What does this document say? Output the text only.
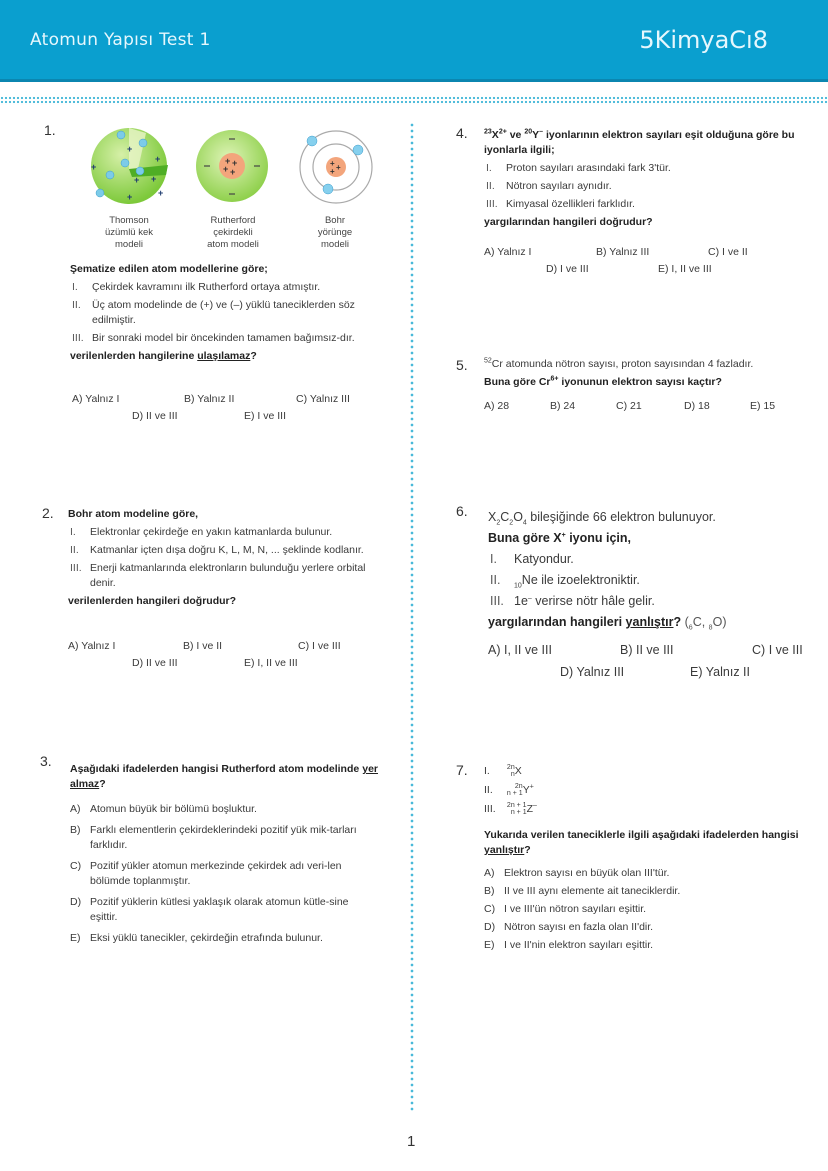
Atomun Yapısı Test 1	5KimyaCı8
1.
+
+
+
+ +
+	+
+ +
+ +
+ +
+
Thomson
üzümlü kek
modeli
Rutherford
çekirdekli
atom modeli
Bohr
yörünge
modeli
Şematize edilen atom modellerine göre;
I.	Çekirdek kavramını ilk Rutherford ortaya atmıştır.
II.	Üç atom modelinde de (+) ve (–) yüklü taneciklerden söz edilmiştir.
III. Bir sonraki model bir öncekinden tamamen bağımsız-dır.
verilenlerden hangilerine ulaşılamaz?
A) Yalnız I	B) Yalnız II	C) Yalnız III
D) II ve III	E) I ve III
2. Bohr atom modeline göre,
I.	Elektronlar çekirdeğe en yakın katmanlarda bulunur.
II.	Katmanlar içten dışa doğru K, L, M, N, ... şeklinde kodlanır.
III. Enerji katmanlarında elektronların bulunduğu yerlere orbital denir.
verilenlerden hangileri doğrudur?
A) Yalnız I	B) I ve II	C) I ve III
D) II ve III	E) I, II ve III
3. Aşağıdaki ifadelerden hangisi Rutherford atom modelinde yer almaz?
A) Atomun büyük bir bölümü boşluktur.
B) Farklı elementlerin çekirdeklerindeki pozitif yük mik-tarları farklıdır.
C) Pozitif yükler atomun merkezinde çekirdek adı veri-len bölümde toplanmıştır.
D) Pozitif yüklerin kütlesi yaklaşık olarak atomun kütle-sine eşittir.
E) Eksi yüklü tanecikler, çekirdeğin etrafında bulunur.
4. $^{23}X^{2+}$ ve $^{20}$Y– iyonlarının elektron sayıları eşit olduğuna göre bu iyonlarla ilgili;
I.	Proton sayıları arasındaki fark 3'tür.
II.	Nötron sayıları aynıdır.
III. Kimyasal özellikleri farklıdır.
yargılarından hangileri doğrudur?
A) Yalnız I	B) Yalnız III	C) I ve II
D) I ve III	E) I, II ve III
5. $^{52}$Cr atomunda nötron sayısı, proton sayısından 4 fazladır.
Buna göre $Cr^{6+}$ iyonunun elektron sayısı kaçtır?
A) 28	B) 24	C) 21	D) 18	E) 15
6. $X_2C_2O_4$ bileşiğinde 66 elektron bulunuyor.
Buna göre X+ iyonu için,
I.	Katyondur.
II.	$_{10}$Ne ile izoelektroniktir.
III. 1e– verirse nötr hâle gelir.
yargılarından hangileri yanlıştır? ($_6C$, $_8$O)
A) I, II ve III	B) II ve III	C) I ve III
D) Yalnız III	E) Yalnız II
7. I. 2n
n X
II.	2n
n + 1 Y+
III. 2n + 1
n + 1 Z–
Yukarıda verilen taneciklerle ilgili aşağıdaki ifadelerden hangisi yanlıştır?
A) Elektron sayısı en büyük olan III'tür.
B) II ve III aynı elemente ait taneciklerdir.
C) I ve III'ün nötron sayıları eşittir.
D) Nötron sayısı en fazla olan II'dir.
E) I ve II'nin elektron sayıları eşittir.
1
